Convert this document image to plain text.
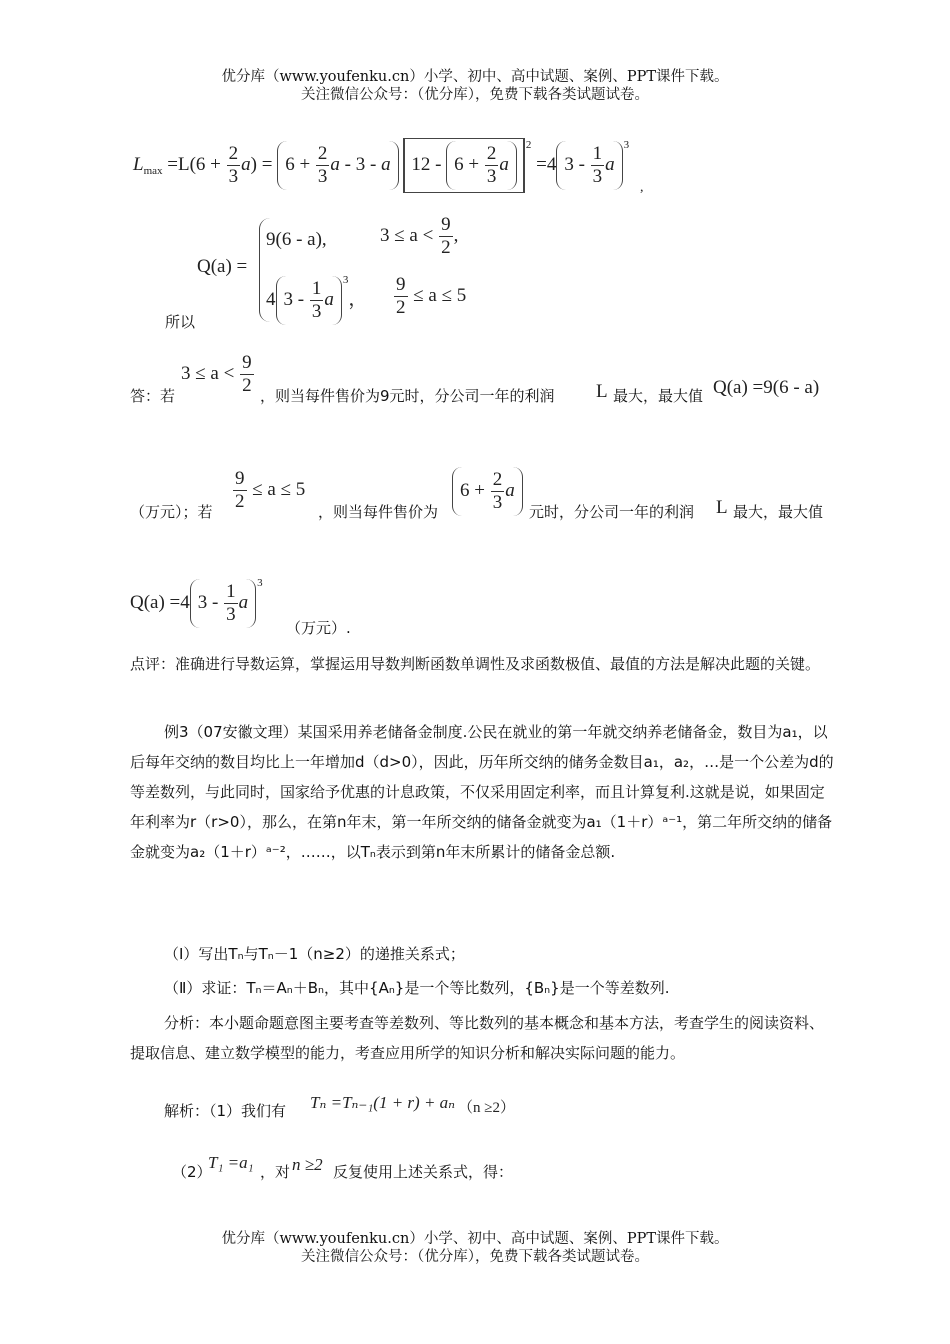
优分库（www.youfenku.cn）小学、初中、高中试题、案例、PPT课件下载。
关注微信公众号：（优分库），免费下载各类试题试卷。
$L_{max} =L(6 + \frac{2}{3} a) = 6 + \frac{2}{3}$ a - 3 - a $12 - 6 + \frac{2}{3} a^2 =4$ $3 - \frac{1}{3} a^3$
,
Q(a) =
9(6 - a),	$3 \le a < \frac{9}{2}$ ,
4 $3 - \frac{1}{3} a^3$， $\frac{9}{2} \le a \le 5$
所以
$3 \le a < \frac{9}{2}$
答：若	，则当每件售价为9元时，分公司一年的利润 L 最大，最大值 Q(a) =9(6 - a)
$\frac{9}{2} \le a \le 5$
（万元）；若	，则当每件售价为
$6 + \frac{2}{3}$ a
元时，分公司一年的利润 L 最大，最大值
Q(a) =4 $3 - \frac{1}{3} a^3$
（万元）.
点评：准确进行导数运算，掌握运用导数判断函数单调性及求函数极值、最值的方法是解决此题的关键。
例3（07安徽文理）某国采用养老储备金制度.公民在就业的第一年就交纳养老储备金，数目为a₁，以后每年交纳的数目均比上一年增加d（d>0），因此，历年所交纳的储务金数目a₁，a₂，…是一个公差为d的等差数列，与此同时，国家给予优惠的计息政策，不仅采用固定利率，而且计算复利.这就是说，如果固定年利率为r（r>0），那么，在第n年末，第一年所交纳的储备金就变为a₁（1＋r）ᵃ⁻¹，第二年所交纳的储备金就变为a₂（1＋r）ᵃ⁻²，……，以Tₙ表示到第n年末所累计的储备金总额.
（Ⅰ）写出Tₙ与Tₙ－1（n≥2）的递推关系式；
（Ⅱ）求证：Tₙ＝Aₙ＋Bₙ，其中{Aₙ}是一个等比数列，{Bₙ}是一个等差数列.
分析：本小题命题意图主要考查等差数列、等比数列的基本概念和基本方法，考查学生的阅读资料、提取信息、建立数学模型的能力，考查应用所学的知识分析和解决实际问题的能力。
解析：（1）我们有 Tₙ =Tₙ₋₁(1 + r) + aₙ （n ≥2）
（2）
T₁ =a₁ ，对 n ≥2 反复使用上述关系式，得：
优分库（www.youfenku.cn）小学、初中、高中试题、案例、PPT课件下载。
关注微信公众号：（优分库），免费下载各类试题试卷。
